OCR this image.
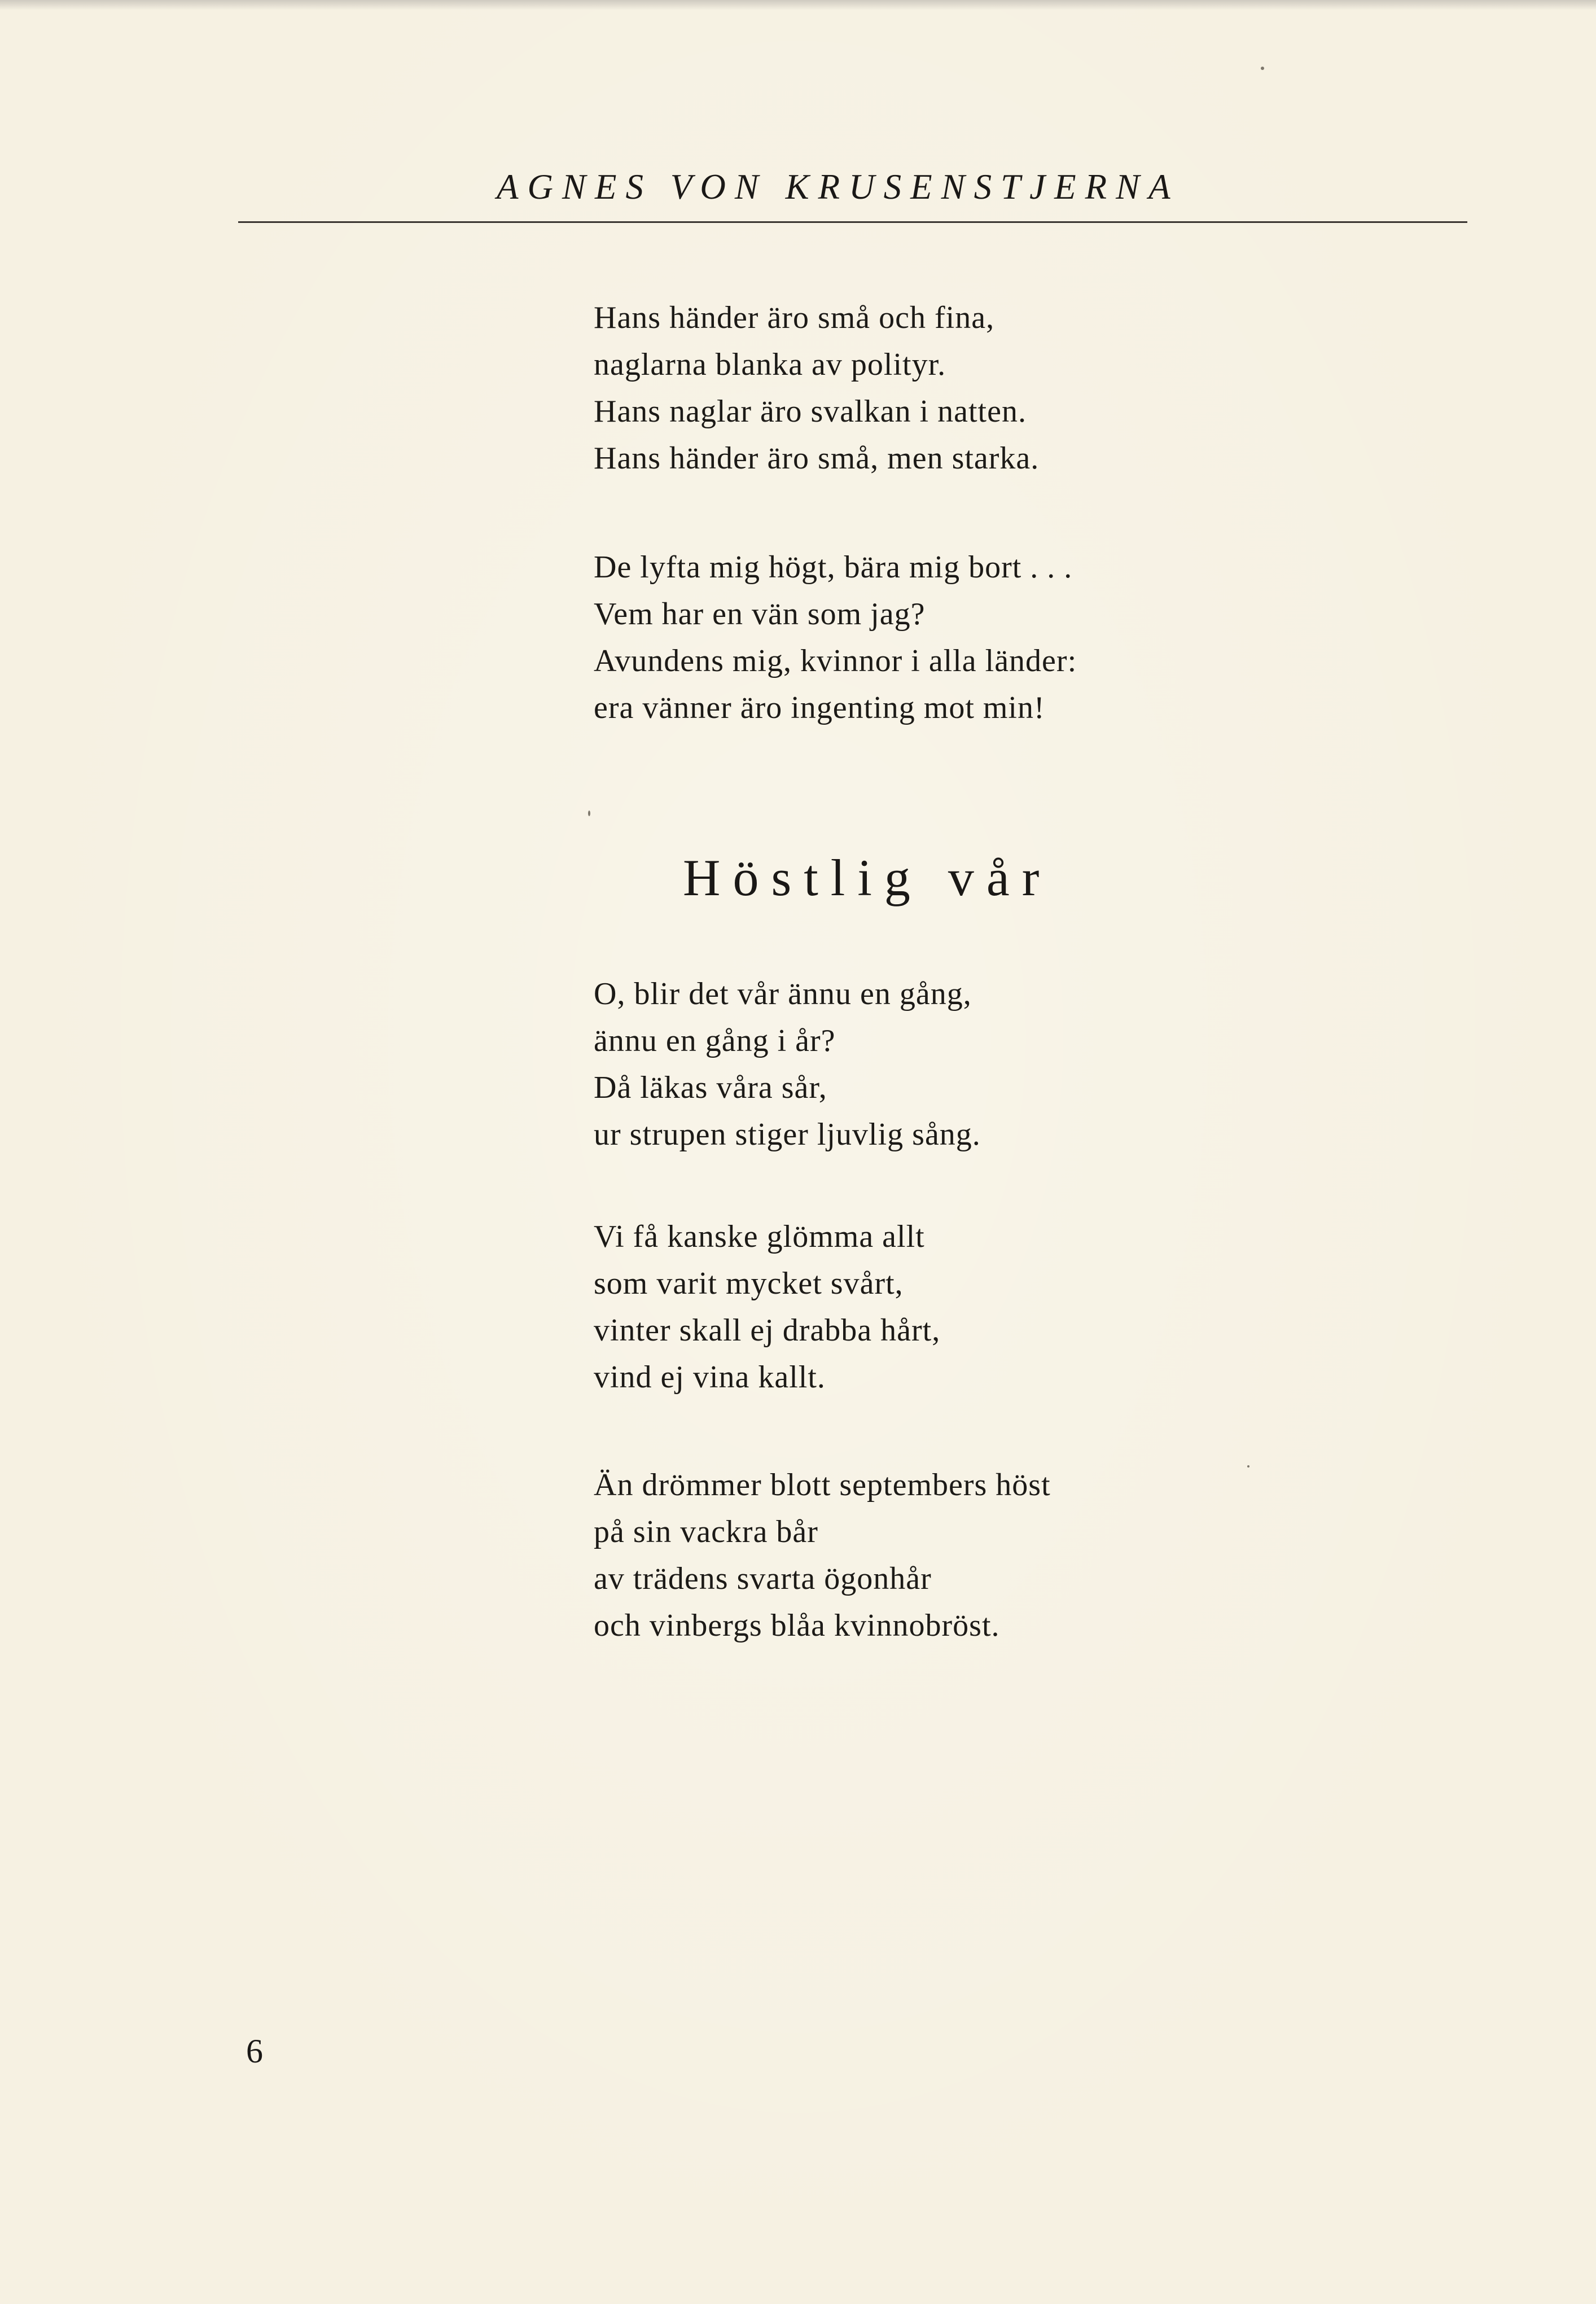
AGNES VON KRUSENSTJERNA
Hans händer äro små och fina,
naglarna blanka av polityr.
Hans naglar äro svalkan i natten.
Hans händer äro små, men starka.
De lyfta mig högt, bära mig bort . . .
Vem har en vän som jag?
Avundens mig, kvinnor i alla länder:
era vänner äro ingenting mot min!
Höstlig vår
O, blir det vår ännu en gång,
ännu en gång i år?
Då läkas våra sår,
ur strupen stiger ljuvlig sång.
Vi få kanske glömma allt
som varit mycket svårt,
vinter skall ej drabba hårt,
vind ej vina kallt.
Än drömmer blott septembers höst
på sin vackra bår
av trädens svarta ögonhår
och vinbergs blåa kvinnobröst.
6
